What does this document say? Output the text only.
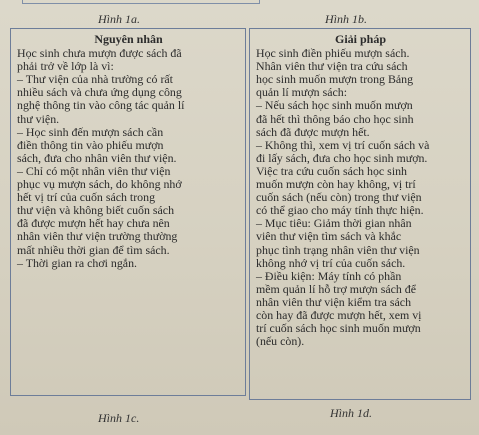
Hình 1a.	Hình 1b.

Nguyên nhân

Học sinh chưa mượn được sách đã
phải trở về lớp là vì:
– Thư viện của nhà trường có rất
nhiều sách và chưa ứng dụng công
nghệ thông tin vào công tác quản lí
thư viện.
– Học sinh đến mượn sách cần
điền thông tin vào phiếu mượn
sách, đưa cho nhân viên thư viện.
– Chỉ có một nhân viên thư viện
phục vụ mượn sách, do không nhớ
hết vị trí của cuốn sách trong
thư viện và không biết cuốn sách
đã được mượn hết hay chưa nên
nhân viên thư viện trường thường
mất nhiều thời gian để tìm sách.
– Thời gian ra chơi ngắn.

Giải pháp

Học sinh điền phiếu mượn sách.
Nhân viên thư viện tra cứu sách
học sinh muốn mượn trong Bảng
quản lí mượn sách:
– Nếu sách học sinh muốn mượn
đã hết thì thông báo cho học sinh
sách đã được mượn hết.
– Không thì, xem vị trí cuốn sách và
đi lấy sách, đưa cho học sinh mượn.
Việc tra cứu cuốn sách học sinh
muốn mượn còn hay không, vị trí
cuốn sách (nếu còn) trong thư viện
có thể giao cho máy tính thực hiện.
– Mục tiêu: Giảm thời gian nhân
viên thư viện tìm sách và khắc
phục tình trạng nhân viên thư viện
không nhớ vị trí của cuốn sách.
– Điều kiện: Máy tính có phần
mềm quản lí hỗ trợ mượn sách để
nhân viên thư viện kiểm tra sách
còn hay đã được mượn hết, xem vị
trí cuốn sách học sinh muốn mượn
(nếu còn).

Hình 1c.	Hình 1d.
